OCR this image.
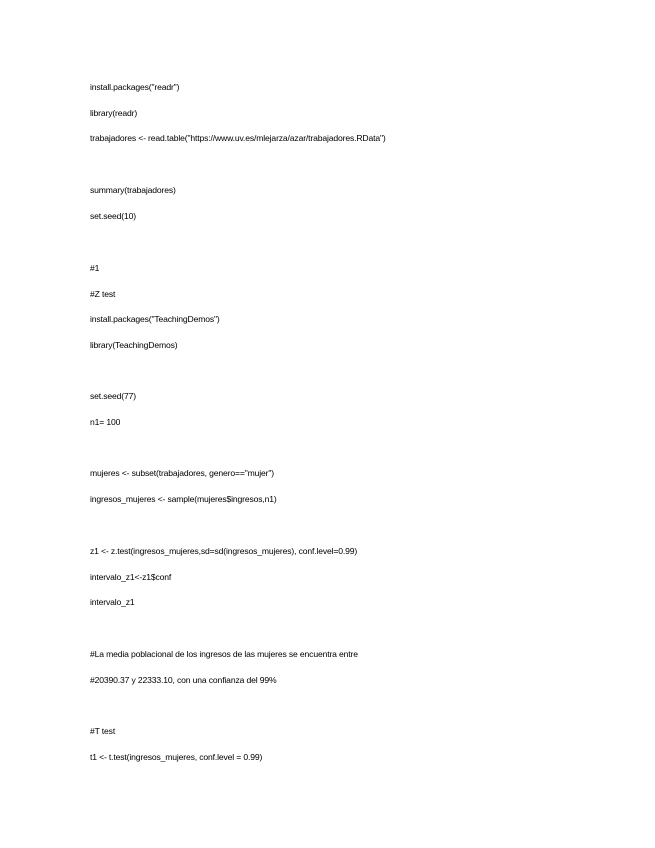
install.packages("readr")
library(readr)
trabajadores <- read.table("https://www.uv.es/mlejarza/azar/trabajadores.RData")
summary(trabajadores)
set.seed(10)
#1
#Z test
install.packages("TeachingDemos")
library(TeachingDemos)
set.seed(77)
n1= 100
mujeres <- subset(trabajadores, genero=="mujer")
ingresos_mujeres <- sample(mujeres$ingresos,n1)
z1 <- z.test(ingresos_mujeres,sd=sd(ingresos_mujeres), conf.level=0.99)
intervalo_z1<-z1$conf
intervalo_z1
#La media poblacional de los ingresos de las mujeres se encuentra entre
#20390.37 y 22333.10, con una confianza del 99%
#T test
t1 <- t.test(ingresos_mujeres, conf.level = 0.99)
